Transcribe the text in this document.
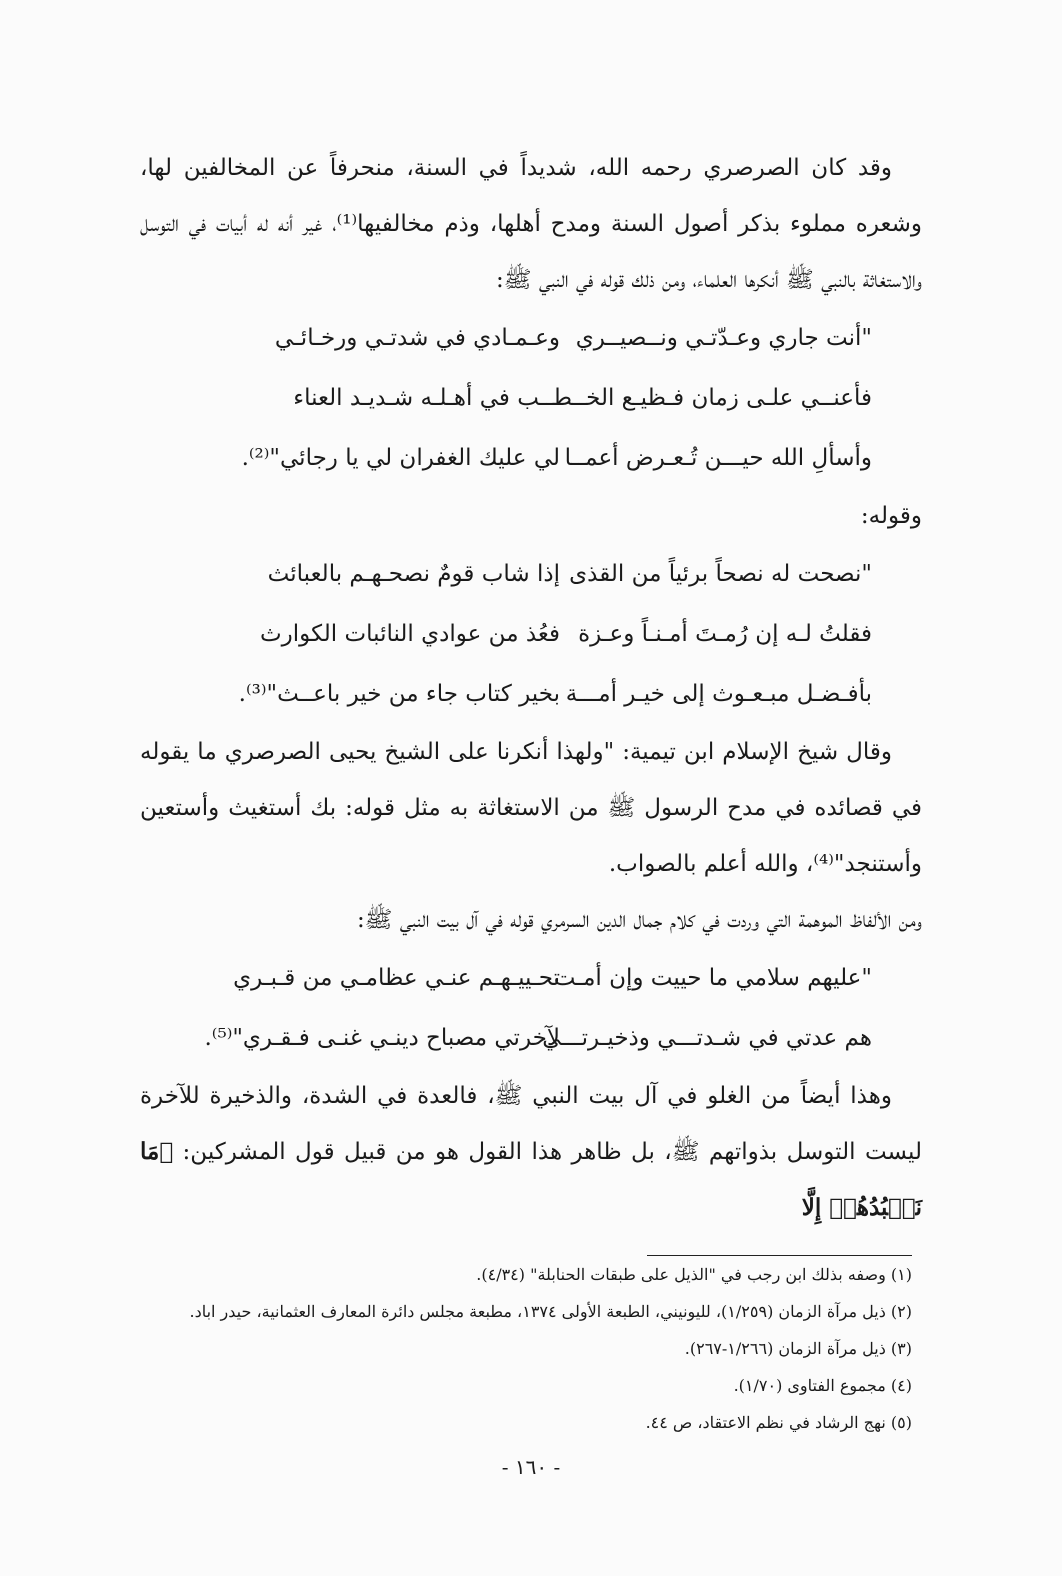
وقد كان الصرصري رحمه الله، شديداً في السنة، منحرفاً عن المخالفين لها، وشعره مملوء بذكر أصول السنة ومدح أهلها، وذم مخالفيها⁽¹⁾، غير أنه له أبيات في التوسل والاستغاثة بالنبي ﷺ أنكرها العلماء، ومن ذلك قوله في النبي ﷺ:

"أنت جاري وعـدّتـي ونــصيــري
وعـمـادي في شدتـي ورخـائـي
فأعنــي علـى زمان فـظيـع الخــط
ـــب في أهـلـه شـديـد العناء
وأسألِ الله حيـــن تُـعـرض أعمــا
لي عليك الغفران لي يا رجائي"⁽²⁾.

وقوله:

"نصحت له نصحاً برئياً من القذى
إذا شاب قومٌ نصحـهـم بالعبائث
فقلتُ لـه إن رُمـتَ أمـنـاً وعـزة
فعُذ من عوادي النائبات الكوارث
بأفـضـل مبـعـوث إلى خيـر أمـــة
بخير كتاب جاء من خير باعــث"⁽³⁾.

وقال شيخ الإسلام ابن تيمية: "ولهذا أنكرنا على الشيخ يحيى الصرصري ما يقوله في قصائده في مدح الرسول ﷺ من الاستغاثة به مثل قوله: بك أستغيث وأستعين وأستنجد"⁽⁴⁾، والله أعلم بالصواب.

ومن الألفاظ الموهمة التي وردت في كلام جمال الدين السرمري قوله في آل بيت النبي ﷺ:

"عليهم سلامي ما حييت وإن أمـت
تحـييـهـم عنـي عظامـي من قـبـري
هم عدتي في شـدتـــي وذخيـرتـــي
لآخرتي مصباح دينـي غنـى فـقـري"⁽⁵⁾.

وهذا أيضاً من الغلو في آل بيت النبي ﷺ، فالعدة في الشدة، والذخيرة للآخرة ليست التوسل بذواتهم ﷺ، بل ظاهر هذا القول هو من قبيل قول المشركين: ﴿مَا نَعۡبُدُهُمۡ إِلَّا

(١) وصفه بذلك ابن رجب في "الذيل على طبقات الحنابلة" (٤/٣٤).

(٢) ذيل مرآة الزمان (١/٢٥٩)، لليونيني، الطبعة الأولى ١٣٧٤، مطبعة مجلس دائرة المعارف العثمانية، حيدر اباد.

(٣) ذيل مرآة الزمان (١/٢٦٦-٢٦٧).

(٤) مجموع الفتاوى (١/٧٠).

(٥) نهج الرشاد في نظم الاعتقاد، ص ٤٤.

- ١٦٠ -
